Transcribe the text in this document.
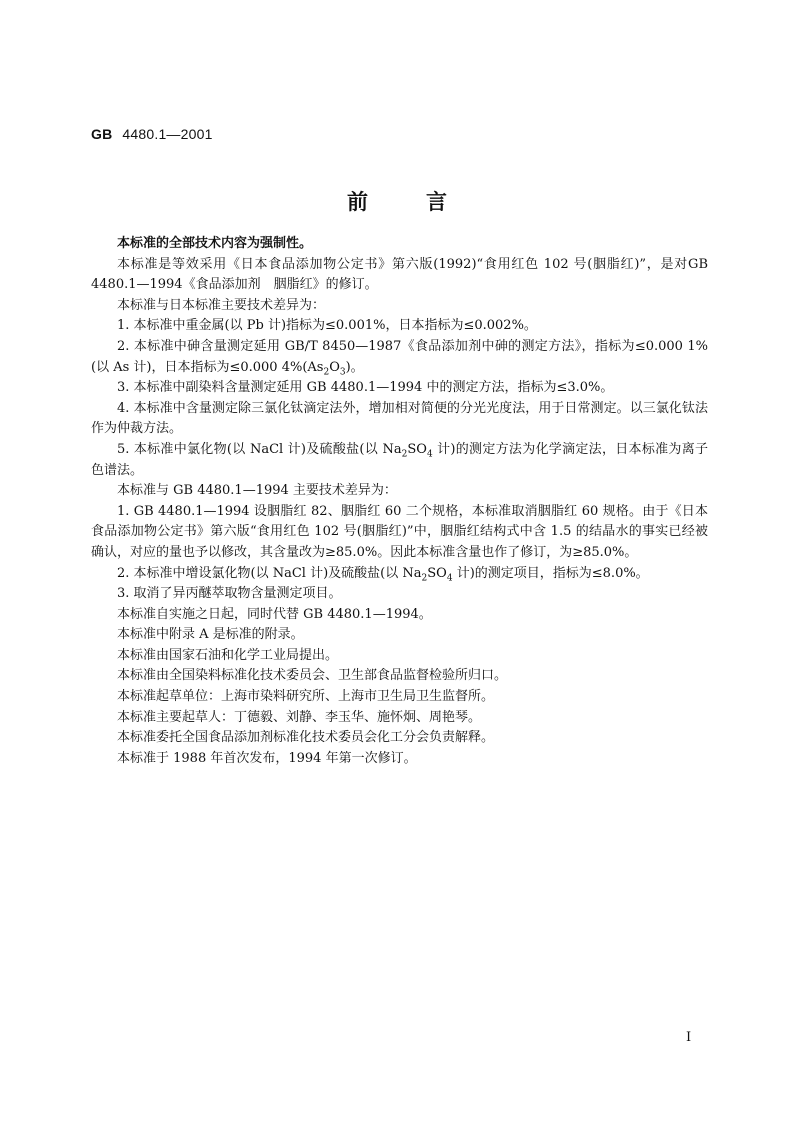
GB 4480.1—2001
前言

本标准的全部技术内容为强制性。

本标准是等效采用《日本食品添加物公定书》第六版(1992)“食用红色 102 号(胭脂红)”，是对GB 4480.1—1994《食品添加剂　胭脂红》的修订。

本标准与日本标准主要技术差异为：

1. 本标准中重金属(以 Pb 计)指标为≤0.001%，日本指标为≤0.002%。

2. 本标准中砷含量测定延用 GB/T 8450—1987《食品添加剂中砷的测定方法》，指标为≤0.000 1%(以 As 计)，日本指标为≤0.000 $4\%(As_2O_3)$。

3. 本标准中副染料含量测定延用 GB 4480.1—1994 中的测定方法，指标为≤3.0%。

4. 本标准中含量测定除三氯化钛滴定法外，增加相对简便的分光光度法，用于日常测定。以三氯化钛法作为仲裁方法。

5. 本标准中氯化物(以 NaCl 计)及硫酸盐(以 $Na_2SO_4$ 计)的测定方法为化学滴定法，日本标准为离子色谱法。

本标准与 GB 4480.1—1994 主要技术差异为：

1. GB 4480.1—1994 设胭脂红 82、胭脂红 60 二个规格，本标准取消胭脂红 60 规格。由于《日本食品添加物公定书》第六版“食用红色 102 号(胭脂红)”中，胭脂红结构式中含 1.5 的结晶水的事实已经被确认，对应的量也予以修改，其含量改为≥85.0%。因此本标准含量也作了修订，为≥85.0%。

2. 本标准中增设氯化物(以 NaCl 计)及硫酸盐(以 $Na_2SO_4$ 计)的测定项目，指标为≤8.0%。

3. 取消了异丙醚萃取物含量测定项目。

本标准自实施之日起，同时代替 GB 4480.1—1994。

本标准中附录 A 是标准的附录。

本标准由国家石油和化学工业局提出。

本标准由全国染料标准化技术委员会、卫生部食品监督检验所归口。

本标准起草单位：上海市染料研究所、上海市卫生局卫生监督所。

本标准主要起草人：丁德毅、刘静、李玉华、施怀炯、周艳琴。

本标准委托全国食品添加剂标准化技术委员会化工分会负责解释。

本标准于 1988 年首次发布，1994 年第一次修订。

I
